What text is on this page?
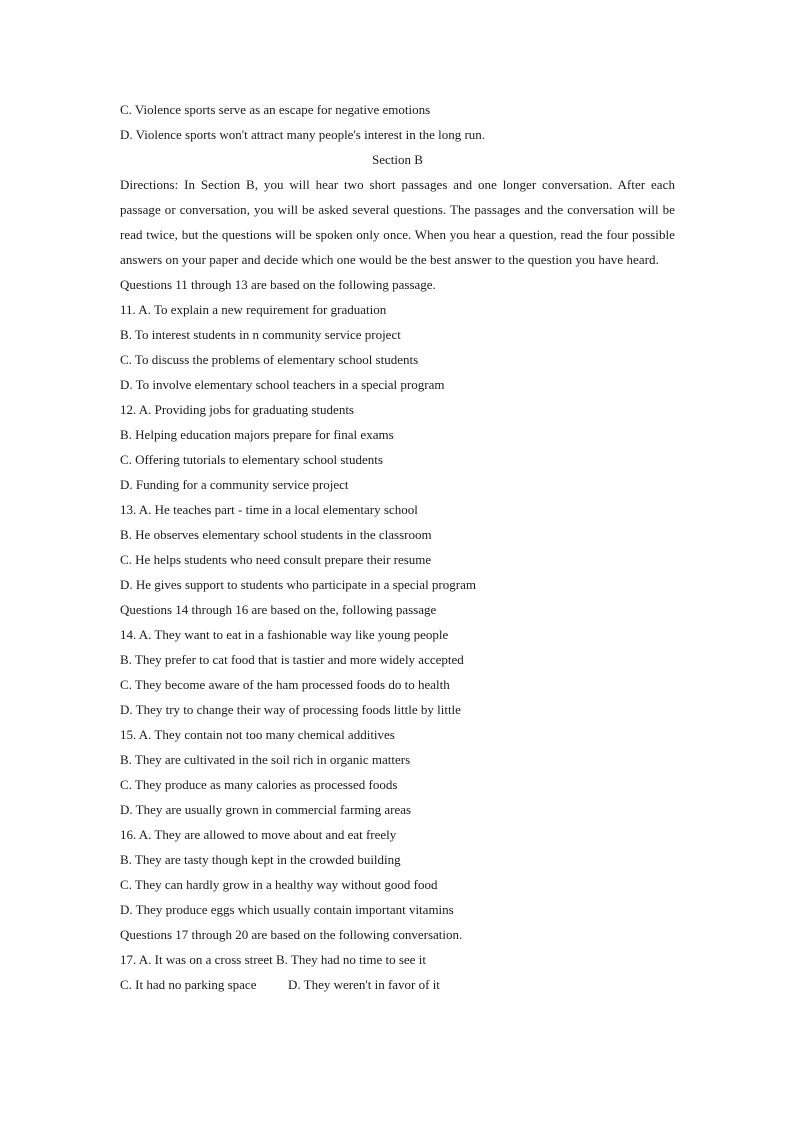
C. Violence sports serve as an escape for negative emotions

D. Violence sports won't attract many people's interest in the long run.

Section B

Directions: In Section B, you will hear two short passages and one longer conversation. After each passage or conversation, you will be asked several questions. The passages and the conversation will be read twice, but the questions will be spoken only once. When you hear a question, read the four possible answers on your paper and decide which one would be the best answer to the question you have heard.

Questions 11 through 13 are based on the following passage.

11. A. To explain a new requirement for graduation

B. To interest students in n community service project

C. To discuss the problems of elementary school students

D. To involve elementary school teachers in a special program

12. A. Providing jobs for graduating students

B. Helping education majors prepare for final exams

C. Offering tutorials to elementary school students

D. Funding for a community service project

13. A. He teaches part - time in a local elementary school

B. He observes elementary school students in the classroom

C. He helps students who need consult prepare their resume

D. He gives support to students who participate in a special program

Questions 14 through 16 are based on the, following passage

14. A. They want to eat in a fashionable way like young people

B. They prefer to cat food that is tastier and more widely accepted

C. They become aware of the ham processed foods do to health

D. They try to change their way of processing foods little by little

15. A. They contain not too many chemical additives

B. They are cultivated in the soil rich in organic matters

C. They produce as many calories as processed foods

D. They are usually grown in commercial farming areas

16. A. They are allowed to move about and eat freely

B. They are tasty though kept in the crowded building

C. They can hardly grow in a healthy way without good food

D. They produce eggs which usually contain important vitamins

Questions 17 through 20 are based on the following conversation.

17. A. It was on a cross street B. They had no time to see it

C. It had no parking space	D. They weren't in favor of it
